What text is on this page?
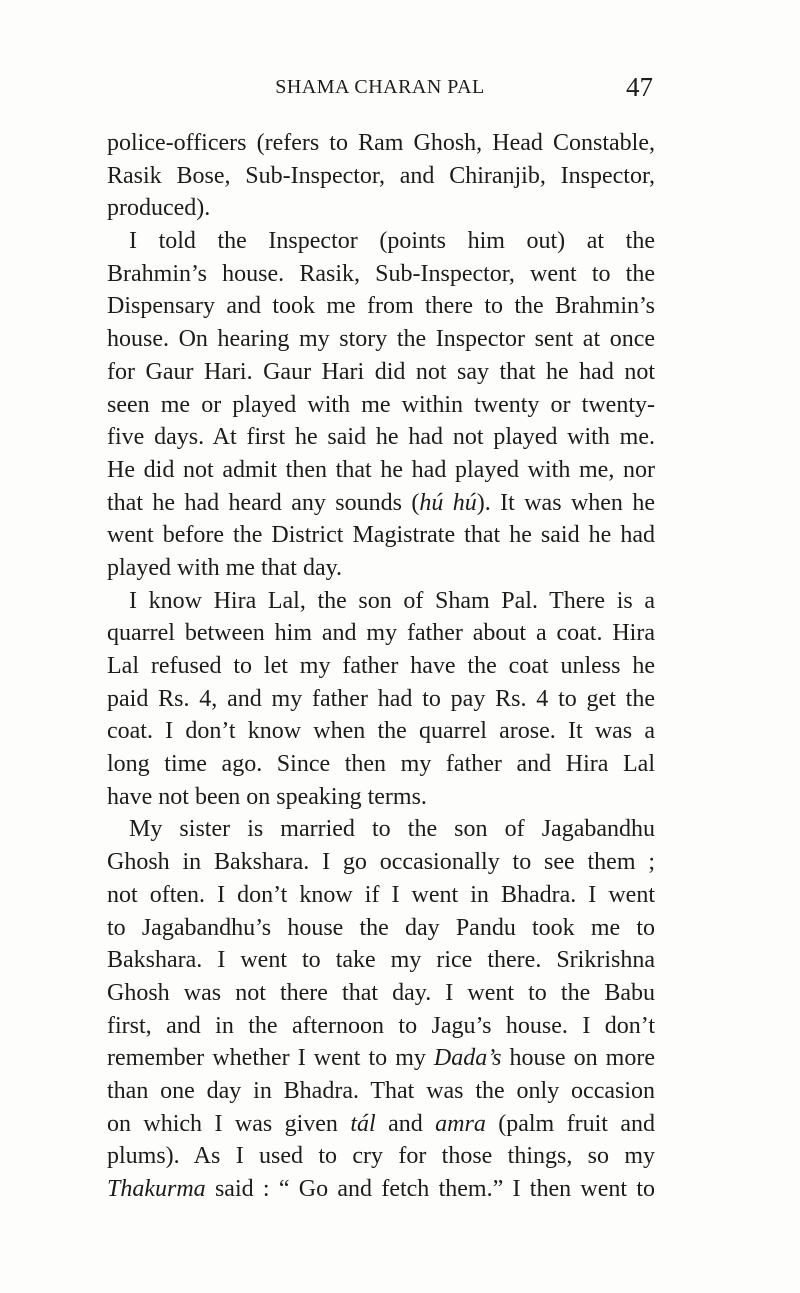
SHAMA CHARAN PAL	47
police-officers (refers to Ram Ghosh, Head Constable,
Rasik Bose, Sub-Inspector, and Chiranjib, Inspector,
produced).
I told the Inspector (points him out) at the
Brahmin’s house. Rasik, Sub-Inspector, went to the
Dispensary and took me from there to the Brahmin’s
house. On hearing my story the Inspector sent at once
for Gaur Hari. Gaur Hari did not say that he had not
seen me or played with me within twenty or twenty-
five days. At first he said he had not played with me.
He did not admit then that he had played with me, nor
that he had heard any sounds (hú hú). It was when he
went before the District Magistrate that he said he had
played with me that day.
I know Hira Lal, the son of Sham Pal. There is a
quarrel between him and my father about a coat. Hira
Lal refused to let my father have the coat unless he
paid Rs. 4, and my father had to pay Rs. 4 to get the
coat. I don’t know when the quarrel arose. It was a
long time ago. Since then my father and Hira Lal
have not been on speaking terms.
My sister is married to the son of Jagabandhu
Ghosh in Bakshara. I go occasionally to see them ;
not often. I don’t know if I went in Bhadra. I went
to Jagabandhu’s house the day Pandu took me to
Bakshara. I went to take my rice there. Srikrishna
Ghosh was not there that day. I went to the Babu
first, and in the afternoon to Jagu’s house. I don’t
remember whether I went to my Dada’s house on more
than one day in Bhadra. That was the only occasion
on which I was given tál and amra (palm fruit and
plums). As I used to cry for those things, so my
Thakurma said : “ Go and fetch them.” I then went to
